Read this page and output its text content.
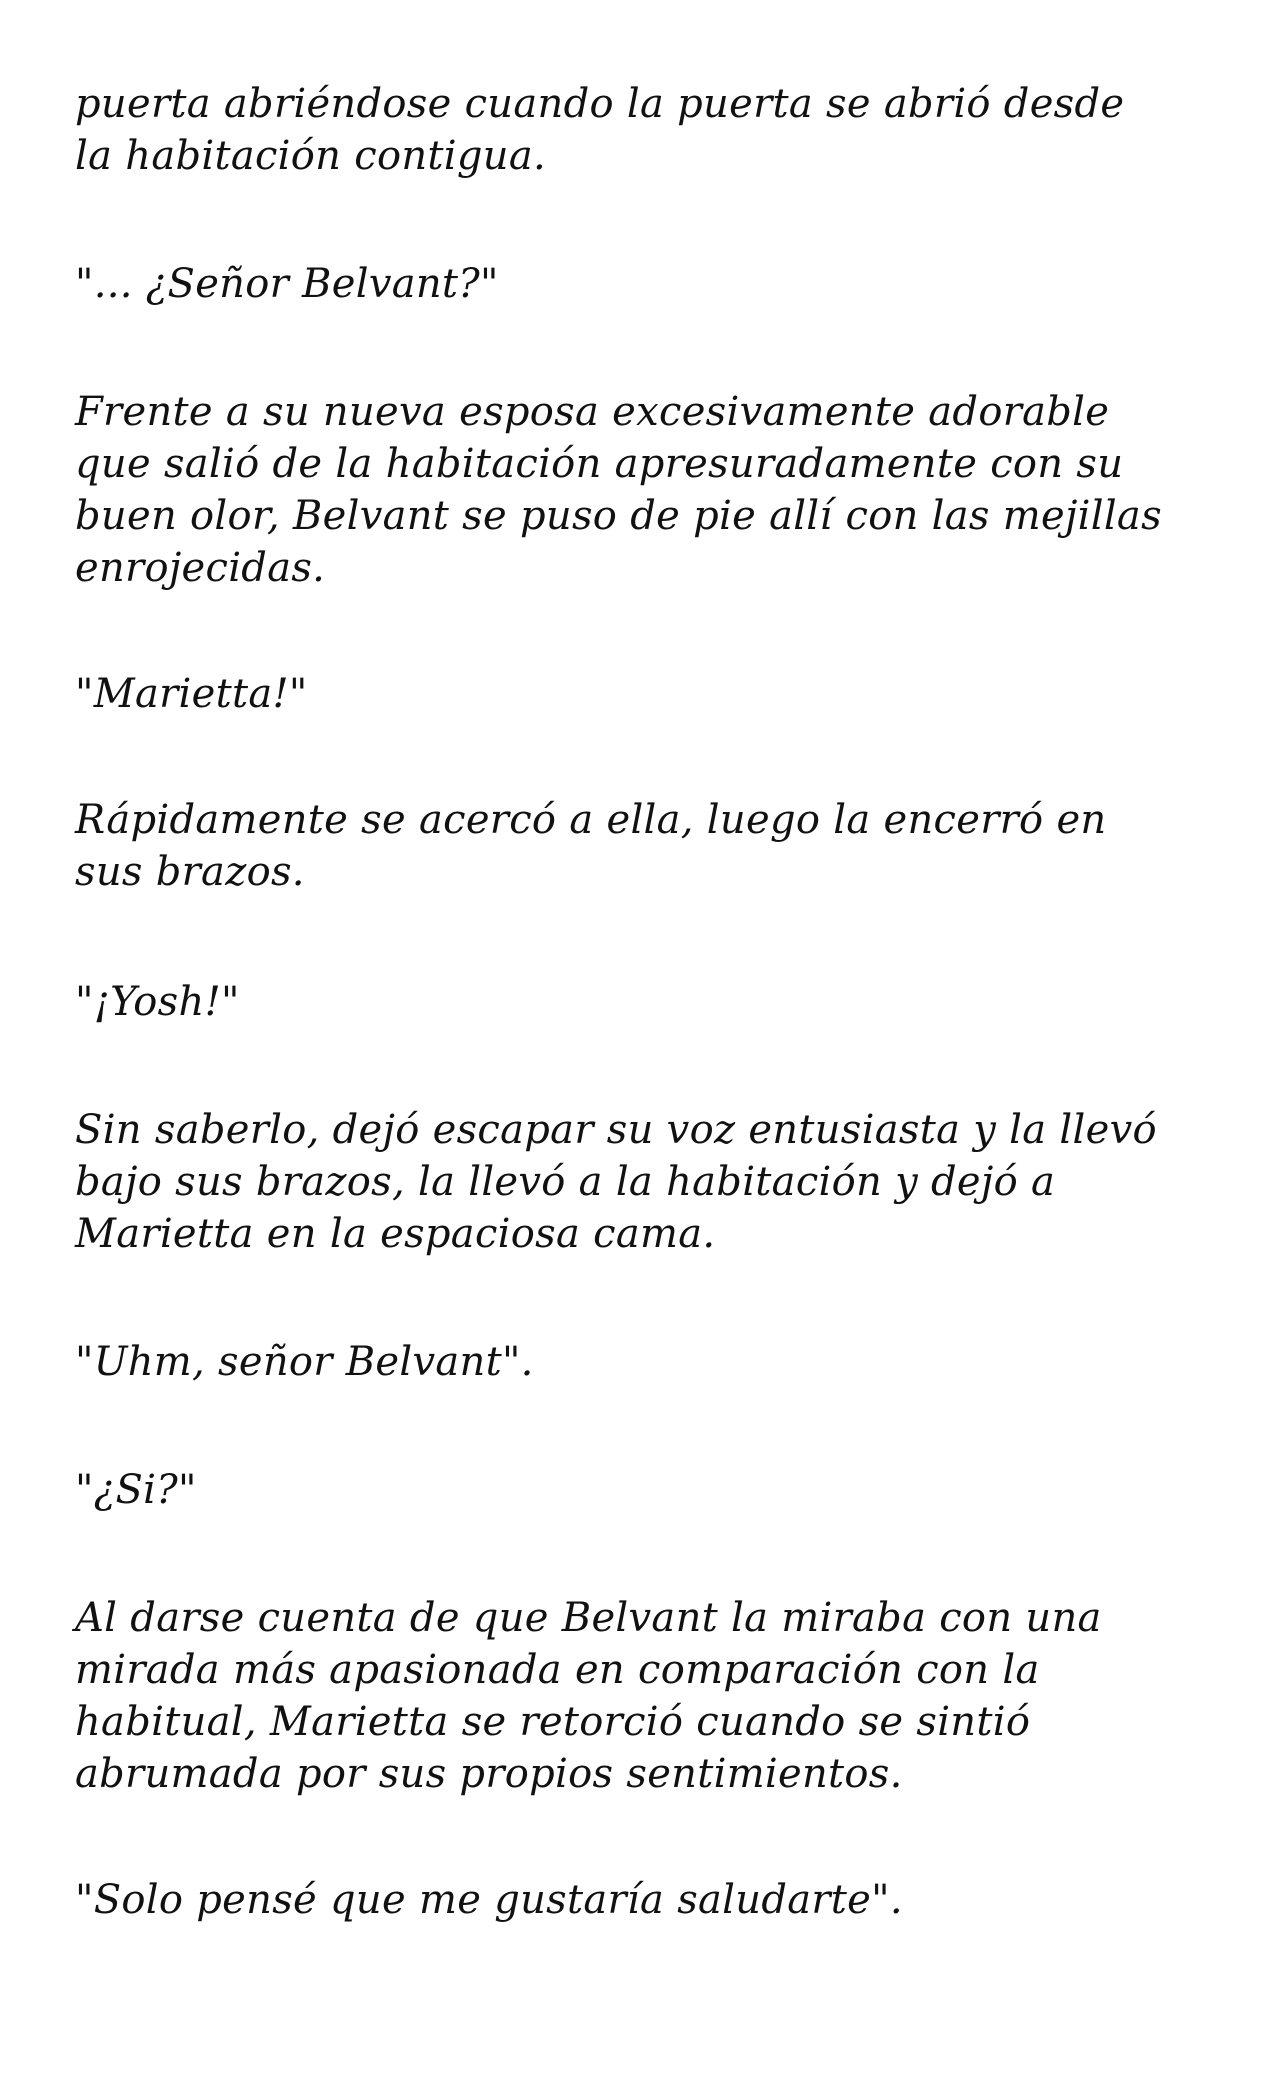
puerta abriéndose cuando la puerta se abrió desde
la habitación contigua.

"... ¿Señor Belvant?"

Frente a su nueva esposa excesivamente adorable
que salió de la habitación apresuradamente con su
buen olor, Belvant se puso de pie allí con las mejillas
enrojecidas.

"Marietta!"

Rápidamente se acercó a ella, luego la encerró en
sus brazos.

"¡Yosh!"

Sin saberlo, dejó escapar su voz entusiasta y la llevó
bajo sus brazos, la llevó a la habitación y dejó a
Marietta en la espaciosa cama.

"Uhm, señor Belvant".

"¿Si?"

Al darse cuenta de que Belvant la miraba con una
mirada más apasionada en comparación con la
habitual, Marietta se retorció cuando se sintió
abrumada por sus propios sentimientos.

"Solo pensé que me gustaría saludarte".
